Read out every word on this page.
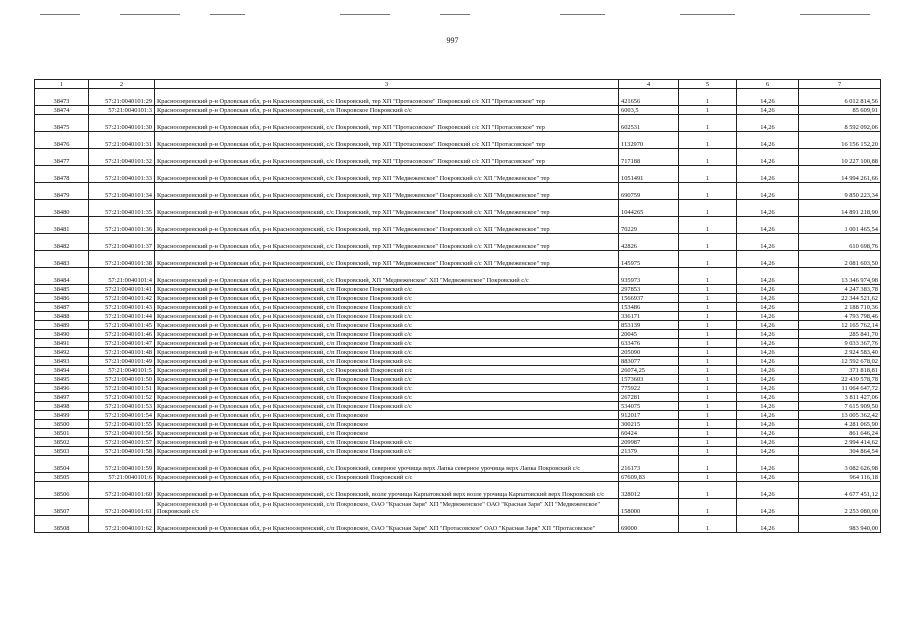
997
1	2	3	4	5	6	7
38473	57:21:0040101:29	Красноозеренский р-н Орловская обл, р-н Красноозеренский, с/с Покровский, тер ХП "Протасовское" Покровский с/с ХП "Протасовское" тер	421656	1	14,26	6 012 814,56
38474	57:21:0040101:3	Красноозеренский р-н Орловская обл, р-н Красноозеренский, с/п Покровское Покровский с/с	6003,5	1	14,26	85 609,91
38475	57:21:0040101:30	Красноозеренский р-н Орловская обл, р-н Красноозеренский, с/с Покровский, тер ХП "Протасовское" Покровский с/с ХП "Протасовское" тер	602531	1	14,26	8 592 092,06
38476	57:21:0040101:31	Красноозеренский р-н Орловская обл, р-н Красноозеренский, с/с Покровский, тер ХП "Протасовское" Покровский с/с ХП "Протасовское" тер	1132970	1	14,26	16 156 152,20
38477	57:21:0040101:32	Красноозеренский р-н Орловская обл, р-н Красноозеренский, с/с Покровский, тер ХП "Протасовское" Покровский с/с ХП "Протасовское" тер	717188	1	14,26	10 227 100,88
38478	57:21:0040101:33	Красноозеренский р-н Орловская обл, р-н Красноозеренский, с/с Покровский, тер ХП "Медвеженское" Покровский с/с ХП "Медвеженское" тер	1051491	1	14,26	14 994 261,66
38479	57:21:0040101:34	Красноозеренский р-н Орловская обл, р-н Красноозеренский, с/с Покровский, тер ХП "Медвеженское" Покровский с/с ХП "Медвеженское" тер	690759	1	14,26	9 850 223,34
38480	57:21:0040101:35	Красноозеренский р-н Орловская обл, р-н Красноозеренский, с/с Покровский, тер ХП "Медвеженское" Покровский с/с ХП "Медвеженское" тер	1044265	1	14,26	14 891 218,90
38481	57:21:0040101:36	Красноозеренский р-н Орловская обл, р-н Красноозеренский, с/с Покровский, тер ХП "Медвеженское" Покровский с/с ХП "Медвеженское" тер	70229	1	14,26	1 001 465,54
38482	57:21:0040101:37	Красноозеренский р-н Орловская обл, р-н Красноозеренский, с/с Покровский, тер ХП "Медвеженское" Покровский с/с ХП "Медвеженское" тер	42826	1	14,26	610 698,76
38483	57:21:0040101:38	Красноозеренский р-н Орловская обл, р-н Красноозеренский, с/с Покровский, тер ХП "Медвеженское" Покровский с/с ХП "Медвеженское" тер	145975	1	14,26	2 081 603,50
38484	57:21:0040101:4	Красноозеренский р-н Орловская обл, р-н Красноозеренский, с/с Покровский, ХП "Медвеженское" ХП "Медвеженское" Покровский с/с	935973	1	14,26	13 346 974,98
38485	57:21:0040101:41	Красноозеренский р-н Орловская обл, р-н Красноозеренский, с/п Покровское Покровский с/с	297853	1	14,26	4 247 383,78
38486	57:21:0040101:42	Красноозеренский р-н Орловская обл, р-н Красноозеренский, с/п Покровское Покровский с/с	1566937	1	14,26	22 344 521,62
38487	57:21:0040101:43	Красноозеренский р-н Орловская обл, р-н Красноозеренский, с/п Покровское Покровский с/с	153486	1	14,26	2 188 710,36
38488	57:21:0040101:44	Красноозеренский р-н Орловская обл, р-н Красноозеренский, с/п Покровское Покровский с/с	336171	1	14,26	4 793 798,46
38489	57:21:0040101:45	Красноозеренский р-н Орловская обл, р-н Красноозеренский, с/п Покровское Покровский с/с	853139	1	14,26	12 165 762,14
38490	57:21:0040101:46	Красноозеренский р-н Орловская обл, р-н Красноозеренский, с/п Покровское Покровский с/с	20045	1	14,26	285 841,70
38491	57:21:0040101:47	Красноозеренский р-н Орловская обл, р-н Красноозеренский, с/п Покровское Покровский с/с	633476	1	14,26	9 033 367,76
38492	57:21:0040101:48	Красноозеренский р-н Орловская обл, р-н Красноозеренский, с/п Покровское Покровский с/с	205090	1	14,26	2 924 583,40
38493	57:21:0040101:49	Красноозеренский р-н Орловская обл, р-н Красноозеренский, с/п Покровское Покровский с/с	883077	1	14,26	12 592 678,02
38494	57:21:0040101:5	Красноозеренский р-н Орловская обл, р-н Красноозеренский, с/с Покровский Покровский с/с	26074,25	1	14,26	371 818,81
38495	57:21:0040101:50	Красноозеренский р-н Орловская обл, р-н Красноозеренский, с/п Покровское Покровский с/с	1573603	1	14,26	22 439 578,78
38496	57:21:0040101:51	Красноозеренский р-н Орловская обл, р-н Красноозеренский, с/п Покровское Покровский с/с	775922	1	14,26	11 064 647,72
38497	57:21:0040101:52	Красноозеренский р-н Орловская обл, р-н Красноозеренский, с/п Покровское Покровский с/с	267281	1	14,26	3 811 427,06
38498	57:21:0040101:53	Красноозеренский р-н Орловская обл, р-н Красноозеренский, с/п Покровское Покровский с/с	534075	1	14,26	7 615 909,50
38499	57:21:0040101:54	Красноозеренский р-н Орловская обл, р-н Красноозеренский, с/п Покровское	912017	1	14,26	13 005 362,42
38500	57:21:0040101:55	Красноозеренский р-н Орловская обл, р-н Красноозеренский, с/п Покровское	300215	1	14,26	4 281 065,90
38501	57:21:0040101:56	Красноозеренский р-н Орловская обл, р-н Красноозеренский, с/п Покровское	60424	1	14,26	861 646,24
38502	57:21:0040101:57	Красноозеренский р-н Орловская обл, р-н Красноозеренский, с/п Покровское Покровский с/с	209987	1	14,26	2 994 414,62
38503	57:21:0040101:58	Красноозеренский р-н Орловская обл, р-н Красноозеренский, с/п Покровское Покровский с/с	21379	1	14,26	304 864,54
38504	57:21:0040101:59	Красноозеренский р-н Орловская обл, р-н Красноозеренский, с/с Покровский, северное урочища верх Лапка северное урочища верх Лапка Покровский с/с	216173	1	14,26	3 082 626,98
38505	57:21:0040101:6	Красноозеренский р-н Орловская обл, р-н Красноозеренский, с/с Покровский Покровский с/с	67609,83	1	14,26	964 116,18
38506	57:21:0040101:60	Красноозеренский р-н Орловская обл, р-н Красноозеренский, с/с Покровский, возле урочища Карпатовский верх возле урочища Карпатовский верх Покровский с/с	328012	1	14,26	4 677 451,12
38507	57:21:0040101:61	Красноозеренский р-н Орловская обл, р-н Красноозеренский, с/п Покровское, ОАО "Красная Заря" ХП "Медвеженское" ОАО "Красная Заря" ХП "Медвеженское" Покровский с/с	158000	1	14,26	2 253 080,00
38508	57:21:0040101:62	Красноозеренский р-н Орловская обл, р-н Красноозеренский, с/п Покровское, ОАО "Красная Заря" ХП "Протасовское" ОАО "Красная Заря" ХП "Протасовское"	69000	1	14,26	983 940,00
